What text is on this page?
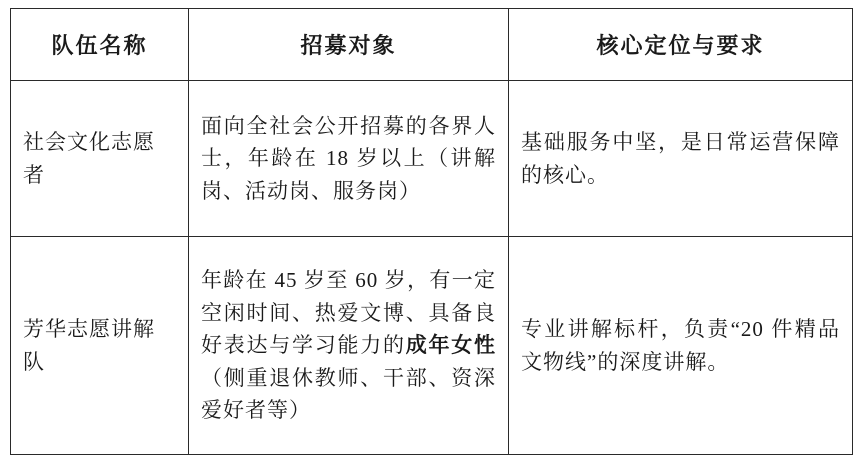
队伍名称	招募对象	核心定位与要求

社会文化志愿者	面向全社会公开招募的各界人士，年龄在 18 岁以上（讲解岗、活动岗、服务岗）	基础服务中坚，是日常运营保障的核心。

芳华志愿讲解队	年龄在 45 岁至 60 岁，有一定空闲时间、热爱文博、具备良好表达与学习能力的成年女性（侧重退休教师、干部、资深爱好者等）	专业讲解标杆，负责“20 件精品文物线”的深度讲解。
